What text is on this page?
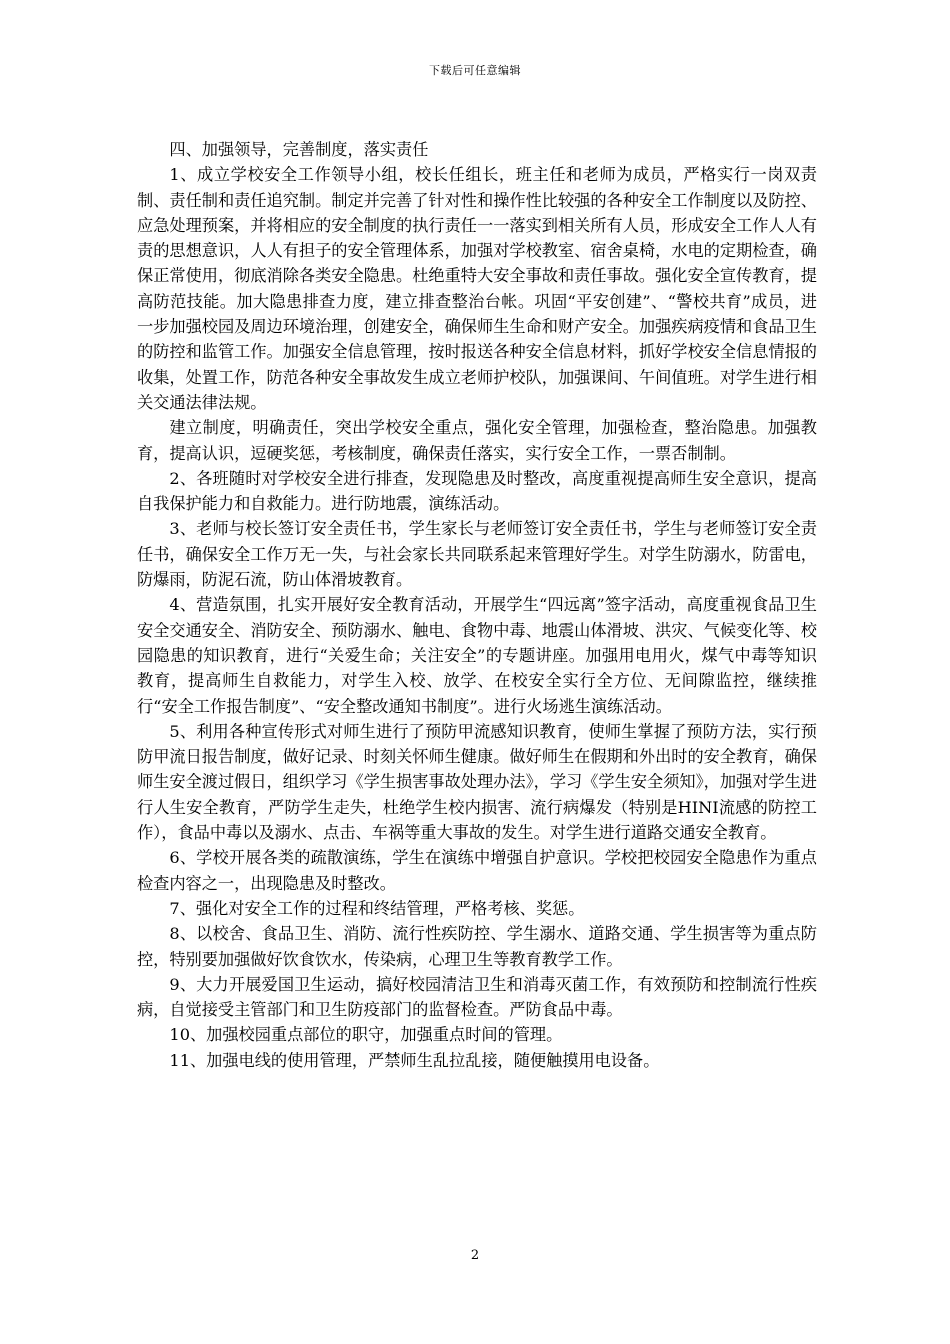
下载后可任意编辑

四、加强领导，完善制度，落实责任

1、成立学校安全工作领导小组，校长任组长，班主任和老师为成员，严格实行一岗双责制、责任制和责任追究制。制定并完善了针对性和操作性比较强的各种安全工作制度以及防控、应急处理预案，并将相应的安全制度的执行责任一一落实到相关所有人员，形成安全工作人人有责的思想意识，人人有担子的安全管理体系，加强对学校教室、宿舍桌椅，水电的定期检查，确保正常使用，彻底消除各类安全隐患。杜绝重特大安全事故和责任事故。强化安全宣传教育，提高防范技能。加大隐患排查力度，建立排查整治台帐。巩固“平安创建”、“警校共育”成员，进一步加强校园及周边环境治理，创建安全，确保师生生命和财产安全。加强疾病疫情和食品卫生的防控和监管工作。加强安全信息管理，按时报送各种安全信息材料，抓好学校安全信息情报的收集，处置工作，防范各种安全事故发生成立老师护校队，加强课间、午间值班。对学生进行相关交通法律法规。

建立制度，明确责任，突出学校安全重点，强化安全管理，加强检查，整治隐患。加强教育，提高认识，逗硬奖惩，考核制度，确保责任落实，实行安全工作，一票否制制。

2、各班随时对学校安全进行排查，发现隐患及时整改，高度重视提高师生安全意识，提高自我保护能力和自救能力。进行防地震，演练活动。

3、老师与校长签订安全责任书，学生家长与老师签订安全责任书，学生与老师签订安全责任书，确保安全工作万无一失，与社会家长共同联系起来管理好学生。对学生防溺水，防雷电，防爆雨，防泥石流，防山体滑坡教育。

4、营造氛围，扎实开展好安全教育活动，开展学生“四远离”签字活动，高度重视食品卫生安全交通安全、消防安全、预防溺水、触电、食物中毒、地震山体滑坡、洪灾、气候变化等、校园隐患的知识教育，进行“关爱生命；关注安全”的专题讲座。加强用电用火，煤气中毒等知识教育，提高师生自救能力，对学生入校、放学、在校安全实行全方位、无间隙监控，继续推行“安全工作报告制度”、“安全整改通知书制度”。进行火场逃生演练活动。

5、利用各种宣传形式对师生进行了预防甲流感知识教育，使师生掌握了预防方法，实行预防甲流日报告制度，做好记录、时刻关怀师生健康。做好师生在假期和外出时的安全教育，确保师生安全渡过假日，组织学习《学生损害事故处理办法》，学习《学生安全须知》，加强对学生进行人生安全教育，严防学生走失，杜绝学生校内损害、流行病爆发（特别是HINI流感的防控工作），食品中毒以及溺水、点击、车祸等重大事故的发生。对学生进行道路交通安全教育。

6、学校开展各类的疏散演练，学生在演练中增强自护意识。学校把校园安全隐患作为重点检查内容之一，出现隐患及时整改。

7、强化对安全工作的过程和终结管理，严格考核、奖惩。

8、以校舍、食品卫生、消防、流行性疾防控、学生溺水、道路交通、学生损害等为重点防控，特别要加强做好饮食饮水，传染病，心理卫生等教育教学工作。

9、大力开展爱国卫生运动，搞好校园清洁卫生和消毒灭菌工作，有效预防和控制流行性疾病，自觉接受主管部门和卫生防疫部门的监督检查。严防食品中毒。

10、加强校园重点部位的职守，加强重点时间的管理。

11、加强电线的使用管理，严禁师生乱拉乱接，随便触摸用电设备。

2
